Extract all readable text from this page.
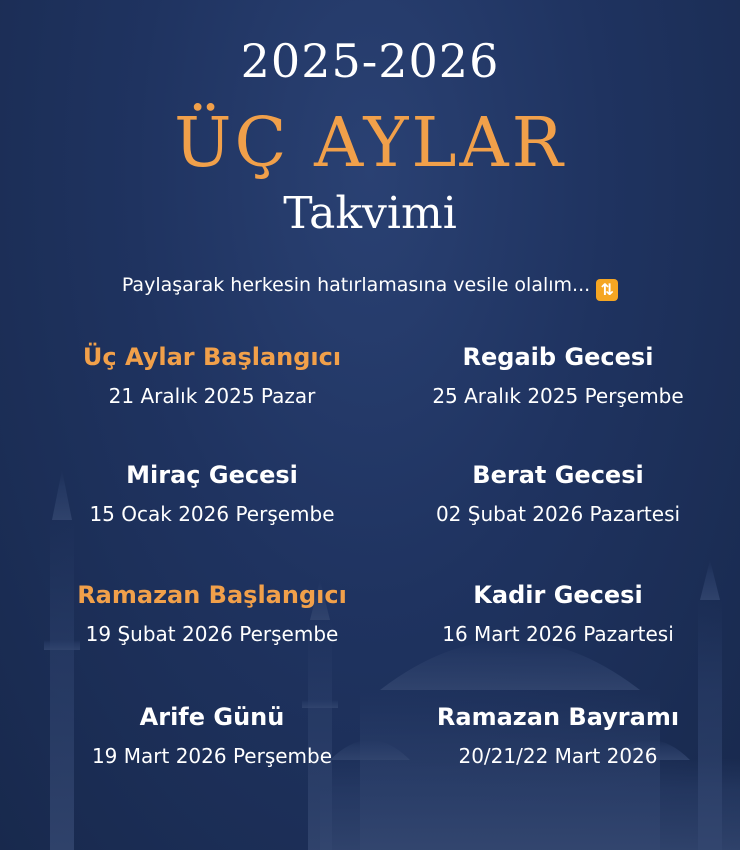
2025-2026
ÜÇ AYLAR
Takvimi
Paylaşarak herkesin hatırlamasına vesile olalım... ⇅
Üç Aylar Başlangıcı
21 Aralık 2025 Pazar
Regaib Gecesi
25 Aralık 2025 Perşembe
Miraç Gecesi
15 Ocak 2026 Perşembe
Berat Gecesi
02 Şubat 2026 Pazartesi
Ramazan Başlangıcı
19 Şubat 2026 Perşembe
Kadir Gecesi
16 Mart 2026 Pazartesi
Arife Günü
19 Mart 2026 Perşembe
Ramazan Bayramı
20/21/22 Mart 2026
